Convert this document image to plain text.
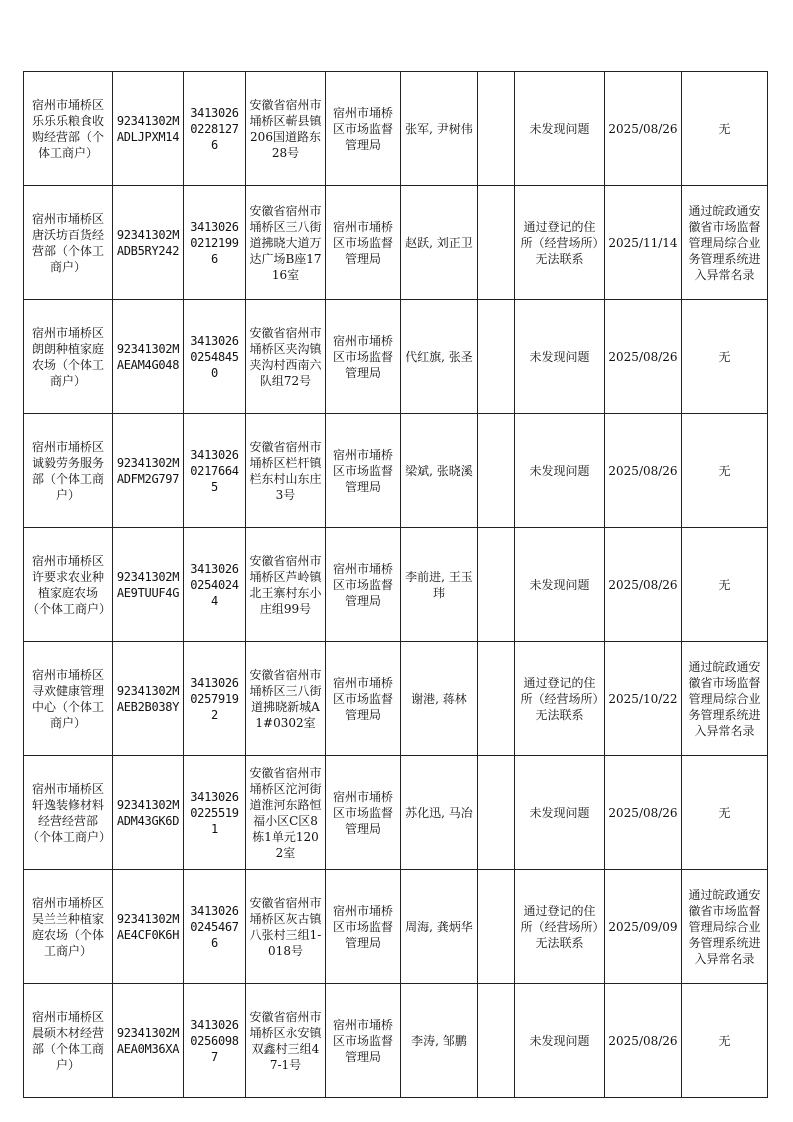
宿州市埇桥区乐乐乐粮食收购经营部（个体工商户）	92341302MADLJPXM14	341302602281276	安徽省宿州市埇桥区蕲县镇206国道路东28号	宿州市埇桥区市场监督管理局	张军, 尹树伟		未发现问题	2025/08/26	无
宿州市埇桥区唐沃坊百货经营部（个体工商户）	92341302MADB5RY242	341302602121996	安徽省宿州市埇桥区三八街道拂晓大道万达广场B座1716室	宿州市埇桥区市场监督管理局	赵跃, 刘正卫		通过登记的住所（经营场所）无法联系	2025/11/14	通过皖政通安徽省市场监督管理局综合业务管理系统进入异常名录
宿州市埇桥区朗朗种植家庭农场（个体工商户）	92341302MAEAM4G048	341302602548450	安徽省宿州市埇桥区夹沟镇夹沟村西南六队组72号	宿州市埇桥区市场监督管理局	代红旗, 张圣		未发现问题	2025/08/26	无
宿州市埇桥区诚毅劳务服务部（个体工商户）	92341302MADFM2G797	341302602176645	安徽省宿州市埇桥区栏杆镇栏东村山东庄3号	宿州市埇桥区市场监督管理局	梁斌, 张晓溪		未发现问题	2025/08/26	无
宿州市埇桥区许要求农业种植家庭农场（个体工商户）	92341302MAE9TUUF4G	341302602540244	安徽省宿州市埇桥区芦岭镇北王寨村东小庄组99号	宿州市埇桥区市场监督管理局	李前进, 王玉玮		未发现问题	2025/08/26	无
宿州市埇桥区寻欢健康管理中心（个体工商户）	92341302MAEB2B038Y	341302602579192	安徽省宿州市埇桥区三八街道拂晓新城A1#0302室	宿州市埇桥区市场监督管理局	谢港, 蒋林		通过登记的住所（经营场所）无法联系	2025/10/22	通过皖政通安徽省市场监督管理局综合业务管理系统进入异常名录
宿州市埇桥区轩逸装修材料经营经营部（个体工商户）	92341302MADM43GK6D	341302602255191	安徽省宿州市埇桥区沱河街道淮河东路恒福小区C区8栋1单元1202室	宿州市埇桥区市场监督管理局	苏化迅, 马冶		未发现问题	2025/08/26	无
宿州市埇桥区吴兰兰种植家庭农场（个体工商户）	92341302MAE4CF0K6H	341302602454676	安徽省宿州市埇桥区灰古镇八张村三组1-018号	宿州市埇桥区市场监督管理局	周海, 龚炳华		通过登记的住所（经营场所）无法联系	2025/09/09	通过皖政通安徽省市场监督管理局综合业务管理系统进入异常名录
宿州市埇桥区晨硕木材经营部（个体工商户）	92341302MAEA0M36XA	341302602560987	安徽省宿州市埇桥区永安镇双鑫村三组47-1号	宿州市埇桥区市场监督管理局	李涛, 邹鹏		未发现问题	2025/08/26	无
